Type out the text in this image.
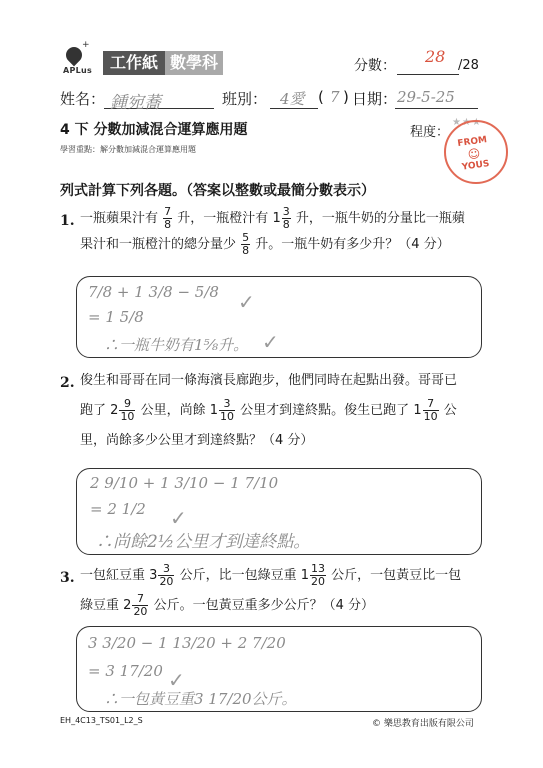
+
APLus	工作紙 數學科	分數： 28 /28
姓名： 鍾宛蕎	班別： 4愛 ( 7 ) 日期： 29-5-25
4 下 分數加減混合運算應用題	程度：
★★★
FROM
☺
YOUS
學習重點：解分數加減混合運算應用題
列式計算下列各題。（答案以整數或最簡分數表示）
1. 一瓶蘋果汁有 $\frac{7}{8}$ 升，一瓶橙汁有 $1 \frac{3}{8}$ 升，一瓶牛奶的分量比一瓶蘋
果汁和一瓶橙汁的總分量少 $\frac{5}{8}$ 升。一瓶牛奶有多少升？（4 分）
7/8 + 1 3/8 − 5/8
= 1 5/8
∴一瓶牛奶有1⅝升。
✓
✓
2. 俊生和哥哥在同一條海濱長廊跑步，他們同時在起點出發。哥哥已
跑了 $2 \frac{9}{10}$ 公里，尚餘 $1 \frac{3}{10}$ 公里才到達終點。俊生已跑了 $1 \frac{7}{10}$ 公
里，尚餘多少公里才到達終點？（4 分）
2 9/10 + 1 3/10 − 1 7/10
= 2 1/2
∴尚餘2½公里才到達終點。
✓
3. 一包紅豆重 $3 \frac{3}{20}$ 公斤，比一包綠豆重 $1 \frac{13}{20}$ 公斤，一包黃豆比一包
綠豆重 $2 \frac{7}{20}$ 公斤。一包黃豆重多少公斤？（4 分）
3 3/20 − 1 13/20 + 2 7/20
= 3 17/20
∴一包黃豆重3 17/20公斤。
✓
EH_4C13_TS01_L2_S	© 樂思教育出版有限公司
